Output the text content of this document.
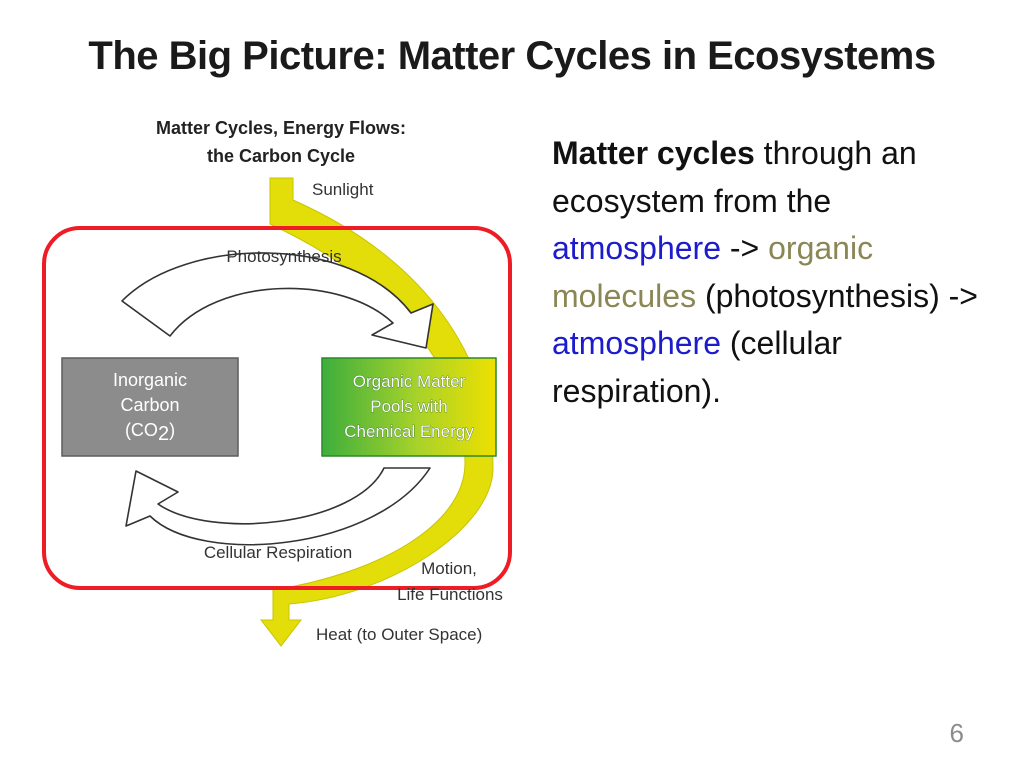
The Big Picture: Matter Cycles in Ecosystems
Matter Cycles, Energy Flows:
the Carbon Cycle
Inorganic
Carbon
(CO2)
Organic Matter
Pools with
Chemical Energy
Sunlight
Photosynthesis
Cellular Respiration
Motion,
Life Functions
Heat (to Outer Space)
Matter cycles through an ecosystem from the atmosphere -> organic molecules (photosynthesis) -> atmosphere (cellular respiration).
6
